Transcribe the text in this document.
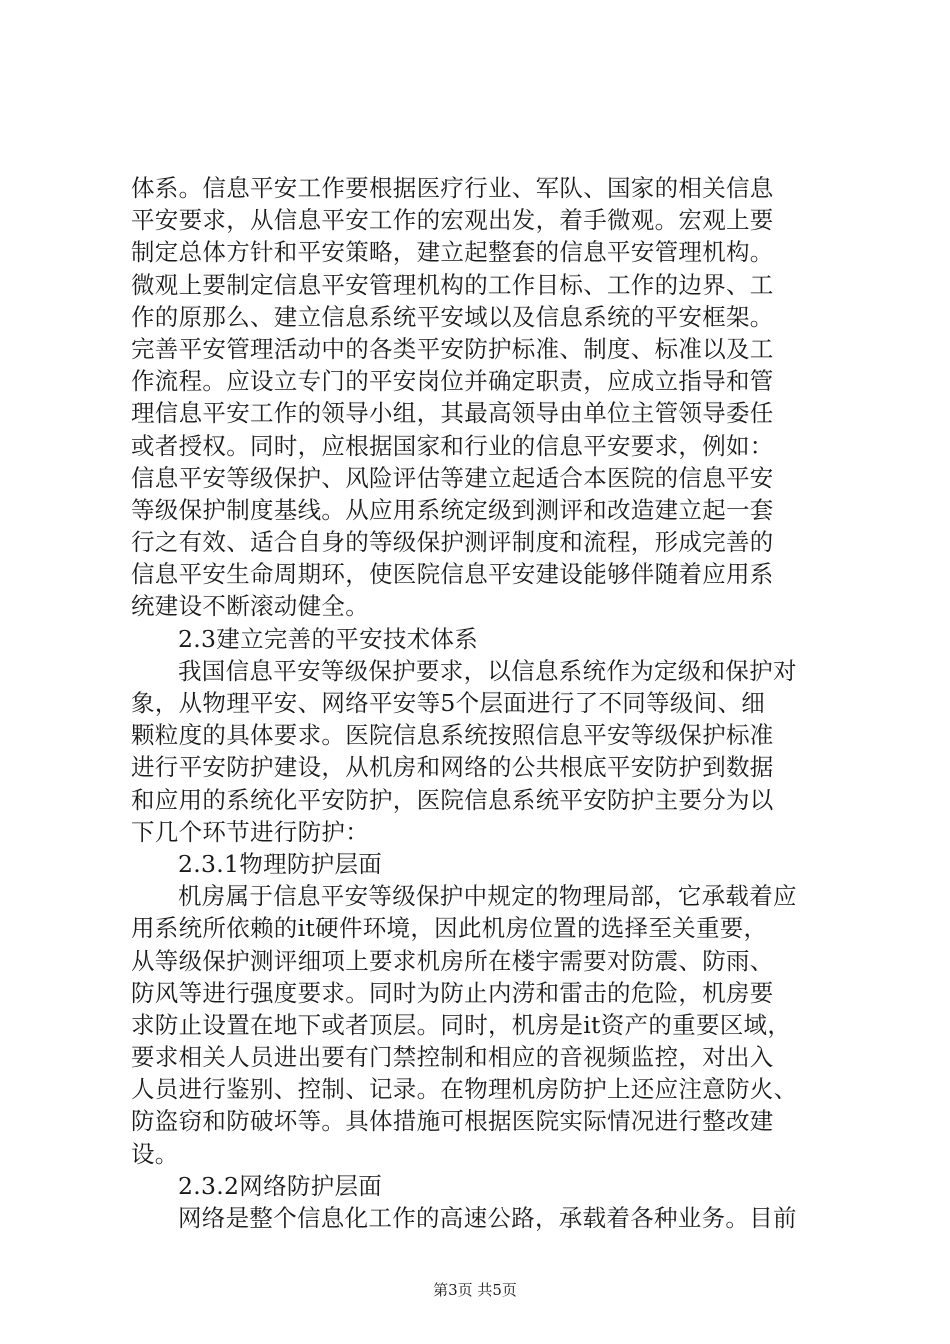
体系。信息平安工作要根据医疗行业、军队、国家的相关信息
平安要求，从信息平安工作的宏观出发，着手微观。宏观上要
制定总体方针和平安策略，建立起整套的信息平安管理机构。
微观上要制定信息平安管理机构的工作目标、工作的边界、工
作的原那么、建立信息系统平安域以及信息系统的平安框架。
完善平安管理活动中的各类平安防护标准、制度、标准以及工
作流程。应设立专门的平安岗位并确定职责，应成立指导和管
理信息平安工作的领导小组，其最高领导由单位主管领导委任
或者授权。同时，应根据国家和行业的信息平安要求，例如：
信息平安等级保护、风险评估等建立起适合本医院的信息平安
等级保护制度基线。从应用系统定级到测评和改造建立起一套
行之有效、适合自身的等级保护测评制度和流程，形成完善的
信息平安生命周期环，使医院信息平安建设能够伴随着应用系
统建设不断滚动健全。
2.3建立完善的平安技术体系
我国信息平安等级保护要求，以信息系统作为定级和保护对
象，从物理平安、网络平安等5个层面进行了不同等级间、细
颗粒度的具体要求。医院信息系统按照信息平安等级保护标准
进行平安防护建设，从机房和网络的公共根底平安防护到数据
和应用的系统化平安防护，医院信息系统平安防护主要分为以
下几个环节进行防护：
2.3.1物理防护层面
机房属于信息平安等级保护中规定的物理局部，它承载着应
用系统所依赖的it硬件环境，因此机房位置的选择至关重要，
从等级保护测评细项上要求机房所在楼宇需要对防震、防雨、
防风等进行强度要求。同时为防止内涝和雷击的危险，机房要
求防止设置在地下或者顶层。同时，机房是it资产的重要区域，
要求相关人员进出要有门禁控制和相应的音视频监控，对出入
人员进行鉴别、控制、记录。在物理机房防护上还应注意防火、
防盗窃和防破坏等。具体措施可根据医院实际情况进行整改建
设。
2.3.2网络防护层面
网络是整个信息化工作的高速公路，承载着各种业务。目前
第3页 共5页
